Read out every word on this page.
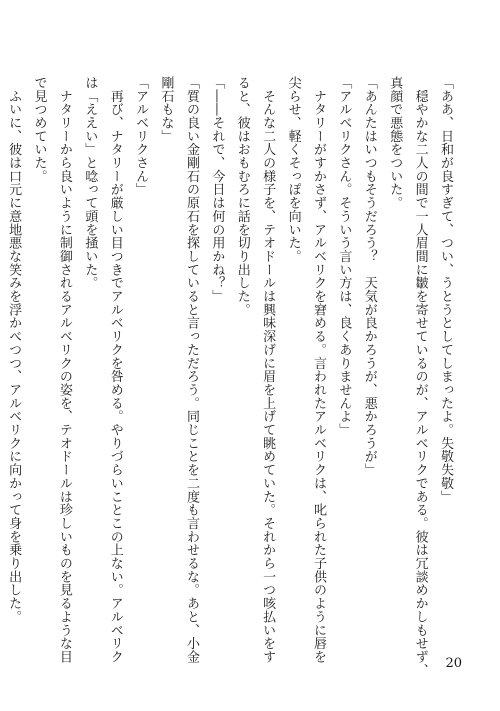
「ああ、日和が良すぎて、つい、うとうとしてしまったよ。失敬失敬」
　穏やかな二人の間で一人眉間に皺を寄せているのが、アルベリクである。彼は冗談めかしもせず、
真顔で悪態をついた。
「あんたはいつもそうだろう？　天気が良かろうが、悪かろうが」
「アルベリクさん。そういう言い方は、良くありませんよ」
　ナタリーがすかさず、アルベリクを窘める。言われたアルベリクは、叱られた子供のように唇を
尖らせ、軽くそっぽを向いた。
　そんな二人の様子を、テオドールは興味深げに眉を上げて眺めていた。それから一つ咳払いをす
ると、彼はおもむろに話を切り出した。
「――それで、今日は何の用かね？」
「質の良い金剛石の原石を探していると言っただろう。同じことを二度も言わせるな。あと、小金
剛石もな」
「アルベリクさん」
　再び、ナタリーが厳しい目つきでアルベリクを咎める。やりづらいことこの上ない。アルベリク
は「ええい」と唸って頭を掻いた。
　ナタリーから良いように制御されるアルベリクの姿を、テオドールは珍しいものを見るような目
で見つめていた。
　ふいに、彼は口元に意地悪な笑みを浮かべつつ、アルベリクに向かって身を乗り出した。
20
